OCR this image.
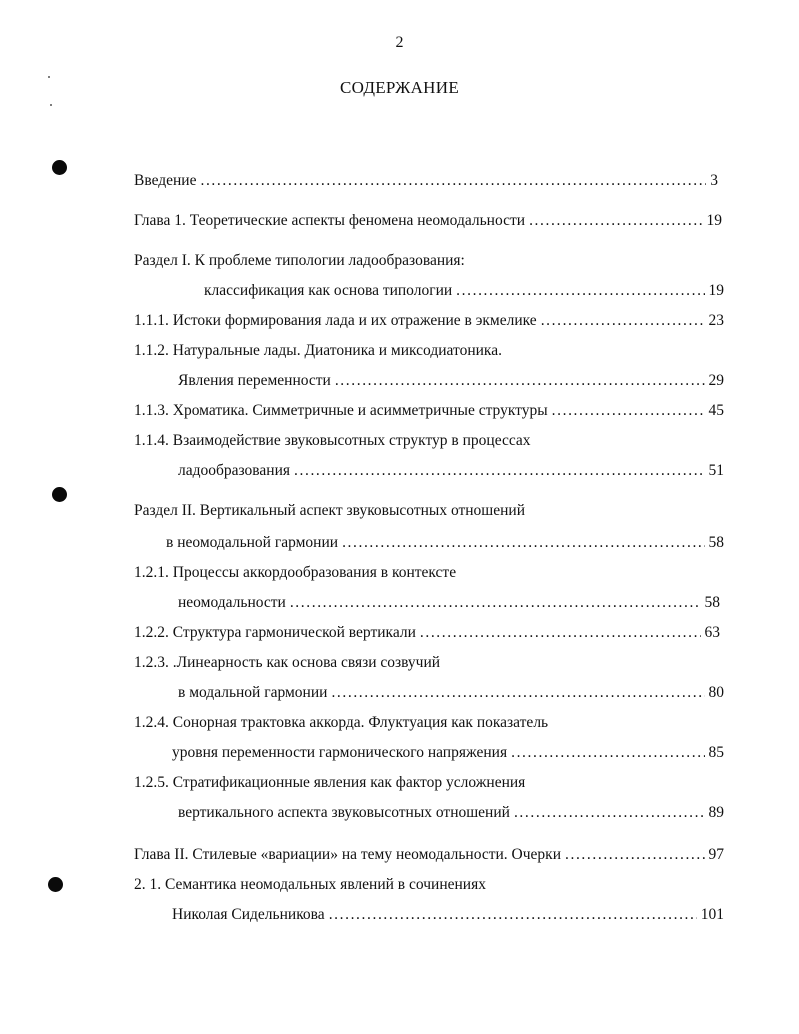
2
СОДЕРЖАНИЕ
Введение .....	3
Глава 1. Теоретические аспекты феномена неомодальности .....	19
Раздел I. К проблеме типологии ладообразования:
классификация как основа типологии .....	19
1.1.1. Истоки формирования лада и их отражение в экмелике .....	23
1.1.2. Натуральные лады. Диатоника и миксодиатоника.
Явления переменности .....	29
1.1.3. Хроматика. Симметричные и асимметричные структуры .....	45
1.1.4. Взаимодействие звуковысотных структур в процессах
ладообразования .....	51
Раздел II. Вертикальный аспект звуковысотных отношений
в неомодальной гармонии .....	58
1.2.1. Процессы аккордообразования в контексте
неомодальности .....	58
1.2.2. Структура гармонической вертикали .....	63
1.2.3. .Линеарность как основа связи созвучий
в модальной гармонии .....	80
1.2.4. Сонорная трактовка аккорда. Флуктуация как показатель
уровня переменности гармонического напряжения .....	85
1.2.5. Стратификационные явления как фактор усложнения
вертикального аспекта звуковысотных отношений .....	89
Глава II. Стилевые «вариации» на тему неомодальности. Очерки .....	97
2. 1. Семантика неомодальных явлений в сочинениях
Николая Сидельникова .....	101
